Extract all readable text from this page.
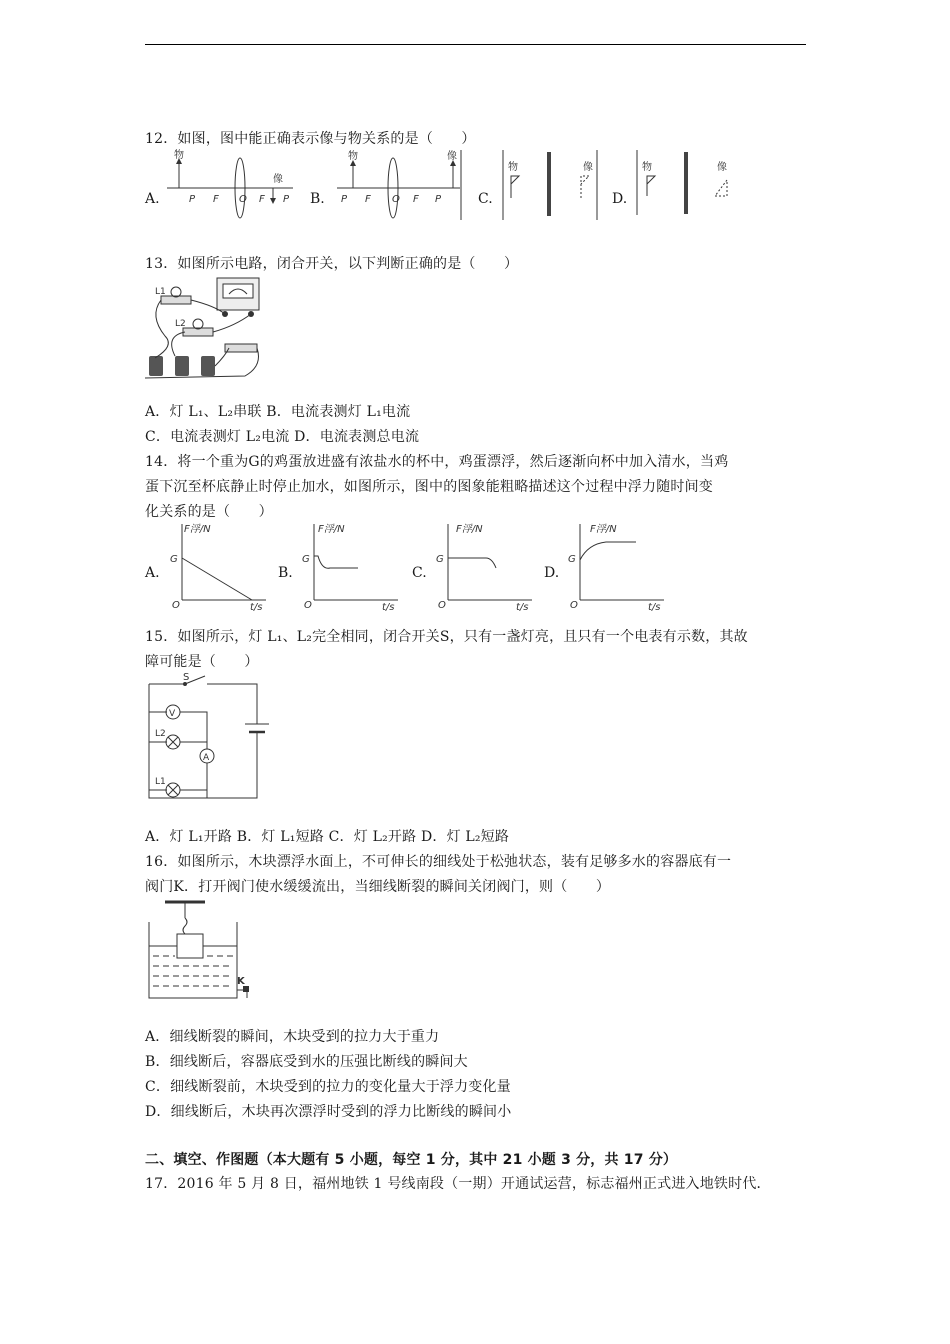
12．如图，图中能正确表示像与物关系的是（　　）
A.
物
像
P F O F P B.
物	像
P F O F P	C.
物	像
D.
物	像
13．如图所示电路，闭合开关，以下判断正确的是（　　）
L1
L2
A．灯 L₁、L₂串联 B．电流表测灯 L₁电流
C．电流表测灯 L₂电流 D．电流表测总电流
14．将一个重为G的鸡蛋放进盛有浓盐水的杯中，鸡蛋漂浮，然后逐渐向杯中加入清水，当鸡
蛋下沉至杯底静止时停止加水，如图所示，图中的图象能粗略描述这个过程中浮力随时间变
化关系的是（　　）
A.
F浮/N
G
O	t/s
B.
F浮/N
G
O	t/s
C.
F浮/N
G
O	t/s
D.
F浮/N
G
O	t/s
15．如图所示，灯 L₁、L₂完全相同，闭合开关S，只有一盏灯亮，且只有一个电表有示数，其故
障可能是（　　）
S
V
L2
A
L1
A．灯 L₁开路 B．灯 L₁短路 C．灯 L₂开路 D．灯 L₂短路
16．如图所示，木块漂浮水面上，不可伸长的细线处于松弛状态，装有足够多水的容器底有一
阀门K．打开阀门使水缓缓流出，当细线断裂的瞬间关闭阀门，则（　　）
K
A．细线断裂的瞬间，木块受到的拉力大于重力
B．细线断后，容器底受到水的压强比断线的瞬间大
C．细线断裂前，木块受到的拉力的变化量大于浮力变化量
D．细线断后，木块再次漂浮时受到的浮力比断线的瞬间小
二、填空、作图题（本大题有 5 小题，每空 1 分，其中 21 小题 3 分，共 17 分）
17．2016 年 5 月 8 日，福州地铁 1 号线南段（一期）开通试运营，标志福州正式进入地铁时代．
